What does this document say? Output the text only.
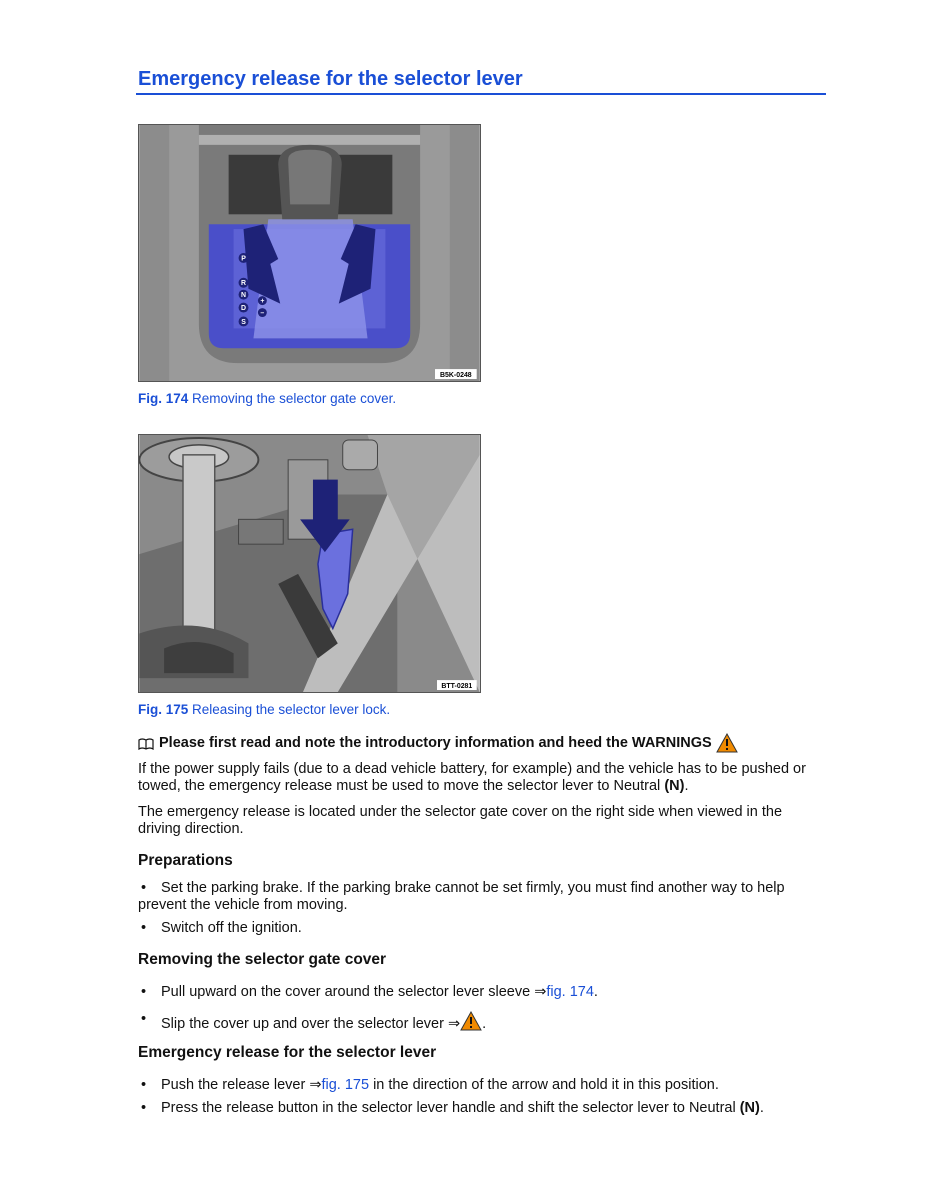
Emergency release for the selector lever
P
R
N
D
S
+
–
B5K-0248
Fig. 174 Removing the selector gate cover.
BTT-0281
Fig. 175 Releasing the selector lever lock.
Please first read and note the introductory information and heed the WARNINGS

If the power supply fails (due to a dead vehicle battery, for example) and the vehicle has to be pushed or towed, the emergency release must be used to move the selector lever to Neutral (N).

The emergency release is located under the selector gate cover on the right side when viewed in the driving direction.

Preparations
•	Set the parking brake. If the parking brake cannot be set firmly, you must find another way to help prevent the vehicle from moving.
•	Switch off the ignition.
Removing the selector gate cover
•	Pull upward on the cover around the selector lever sleeve ⇒fig. 174.
•	Slip the cover up and over the selector lever ⇒ .
Emergency release for the selector lever
•	Push the release lever ⇒fig. 175 in the direction of the arrow and hold it in this position.
•	Press the release button in the selector lever handle and shift the selector lever to Neutral (N).
